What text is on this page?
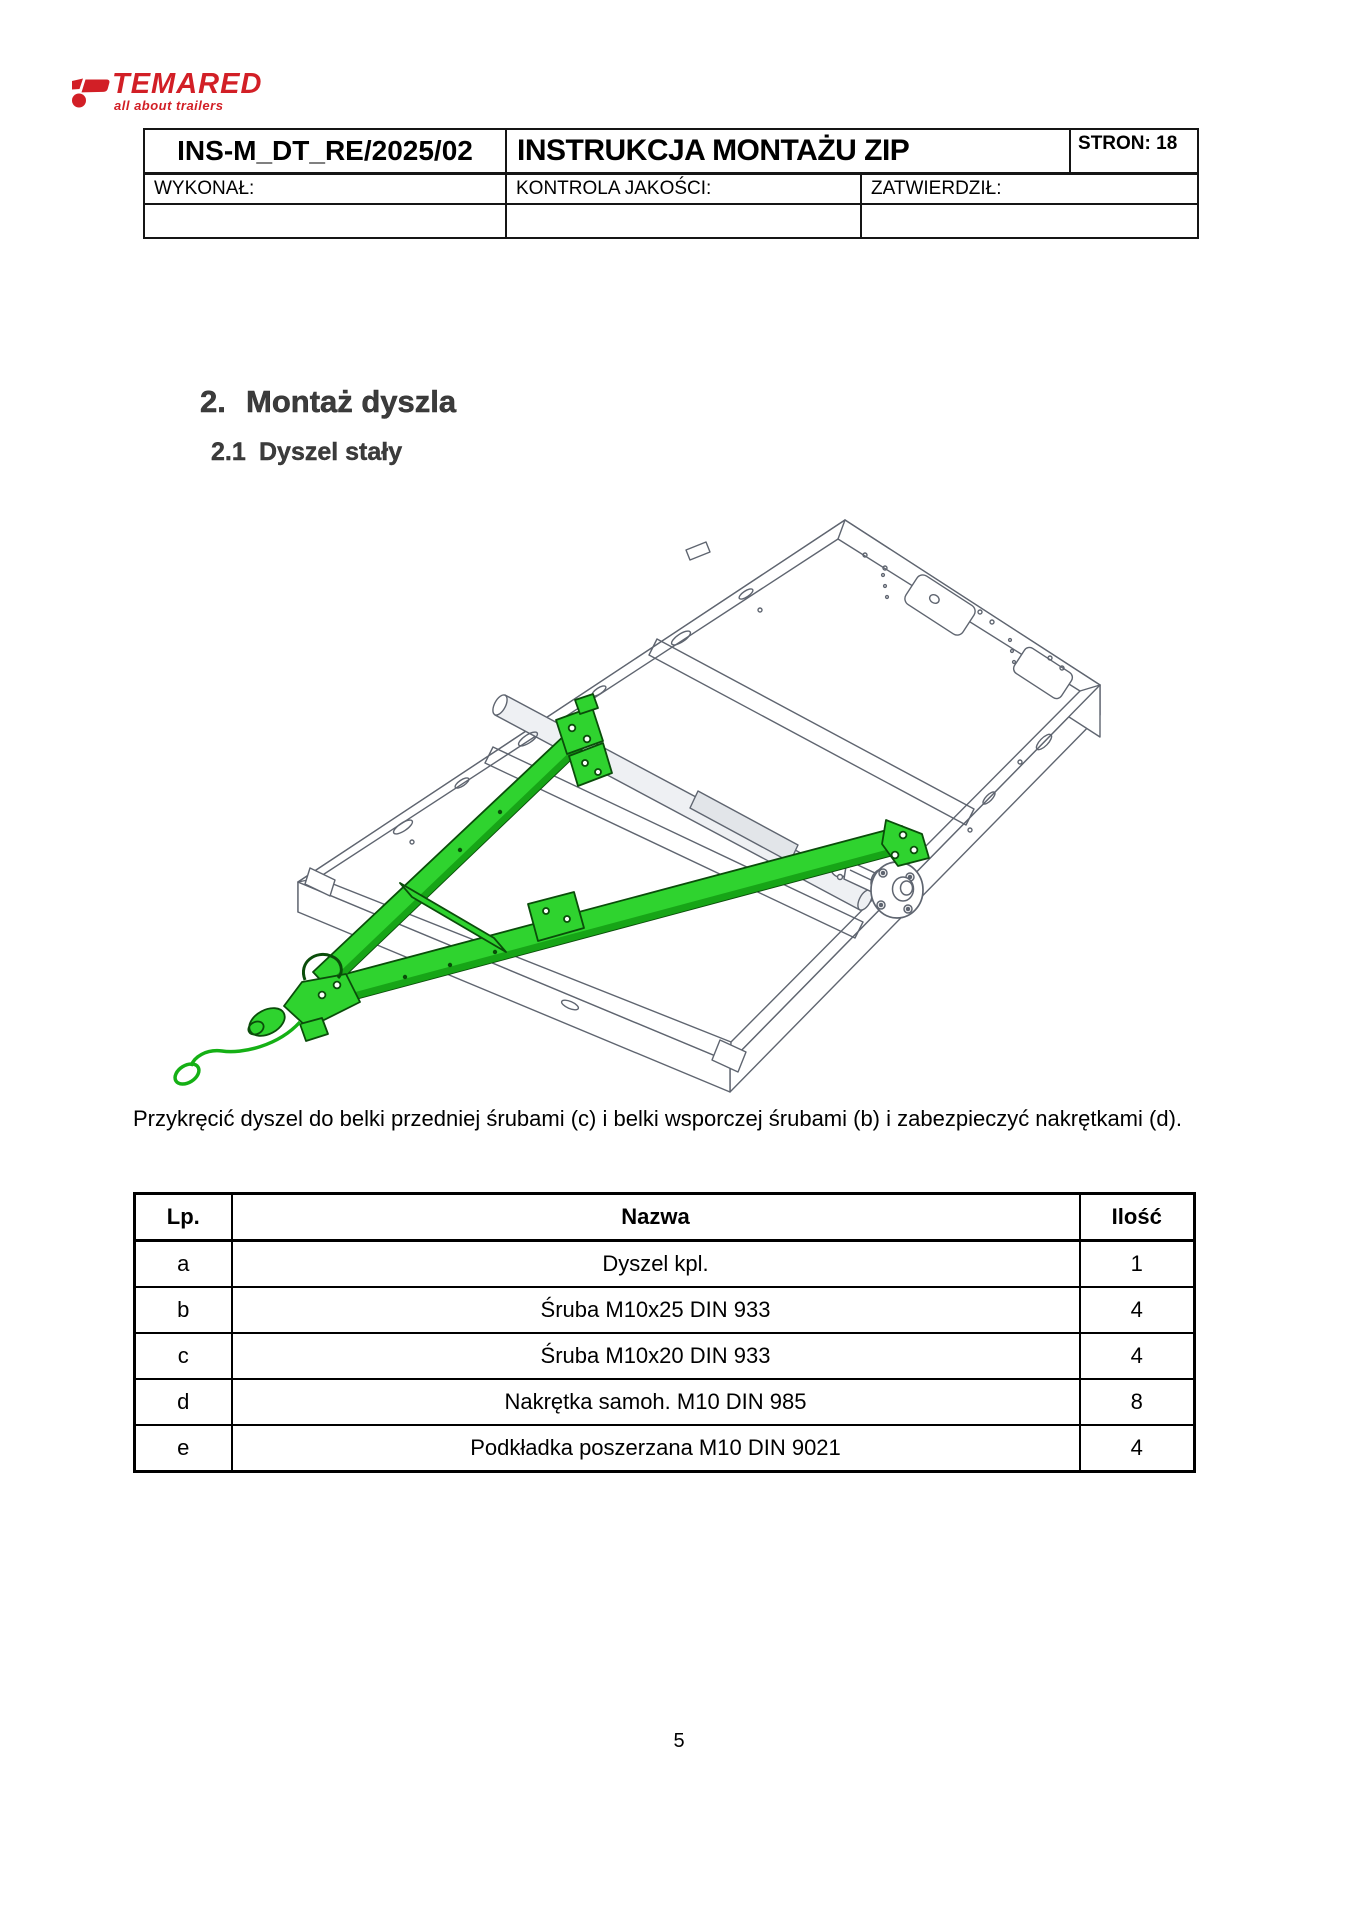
TEMARED
all about trailers
INS-M_DT_RE/2025/02	INSTRUKCJA MONTAŻU ZIP		STRON: 18
WYKONAŁ:	KONTROLA JAKOŚCI:	ZATWIERDZIŁ:	

2. Montaż dyszla
2.1 Dyszel stały
Przykręcić dyszel do belki przedniej śrubami (c) i belki wsporczej śrubami (b) i zabezpieczyć nakrętkami (d).
Lp.	Nazwa	Ilość
a	Dyszel kpl.	1
b	Śruba M10x25 DIN 933	4
c	Śruba M10x20 DIN 933	4
d	Nakrętka samoh. M10 DIN 985	8
e	Podkładka poszerzana M10 DIN 9021	4
5
